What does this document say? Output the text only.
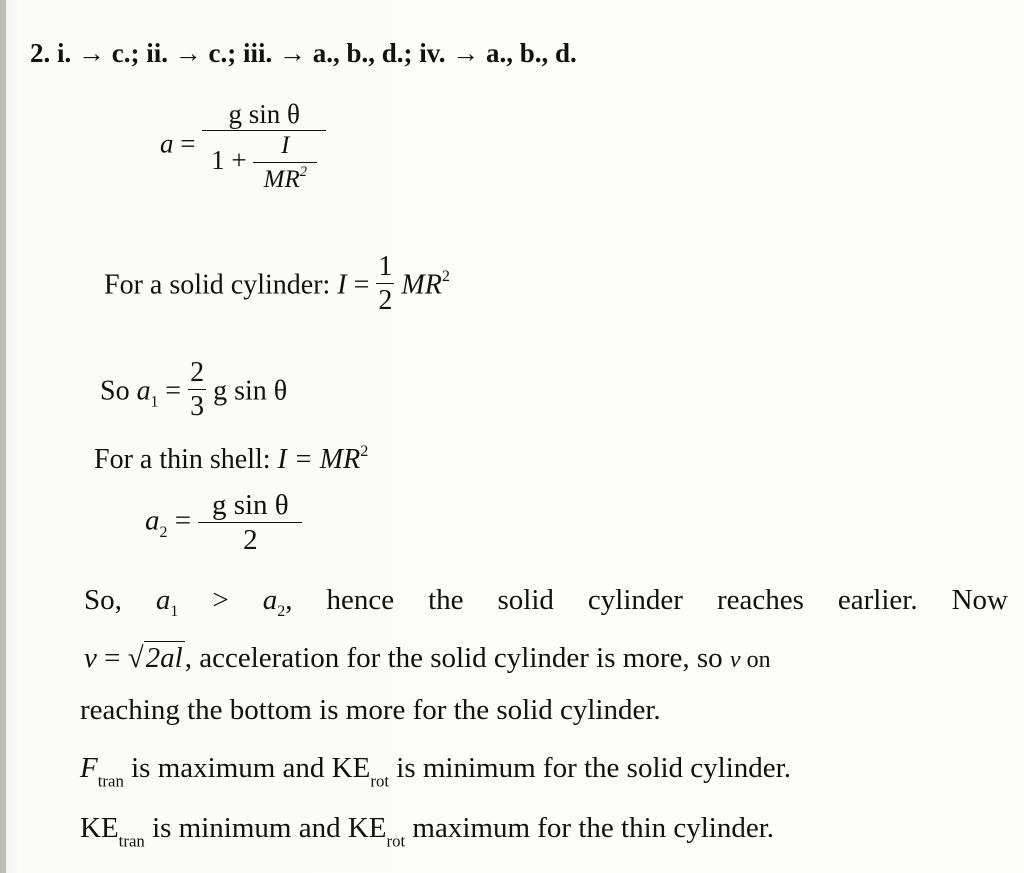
2. i. → c.; ii. → c.; iii. → a., b., d.; iv. → a., b., d.
$a = \frac{\text{g sin θ}}{1 + \frac{I}{MR^2}}$
For a solid cylinder: $I = \frac{1}{2} MR^2$
So $a_1 = \frac{2}{3}$ g sin θ
For a thin shell: $I = MR^2$
$a_2 = \frac{\text{g sin θ}}{2}$
So, $a_1 > a_2$, hence the solid cylinder reaches earlier. Now
v = √2al, acceleration for the solid cylinder is more, so v on
reaching the bottom is more for the solid cylinder.
$F_{tran}$ is maximum and $KE_{rot}$ is minimum for the solid cylinder.
$KE_{tran}$ is minimum and $KE_{rot}$ maximum for the thin cylinder.
